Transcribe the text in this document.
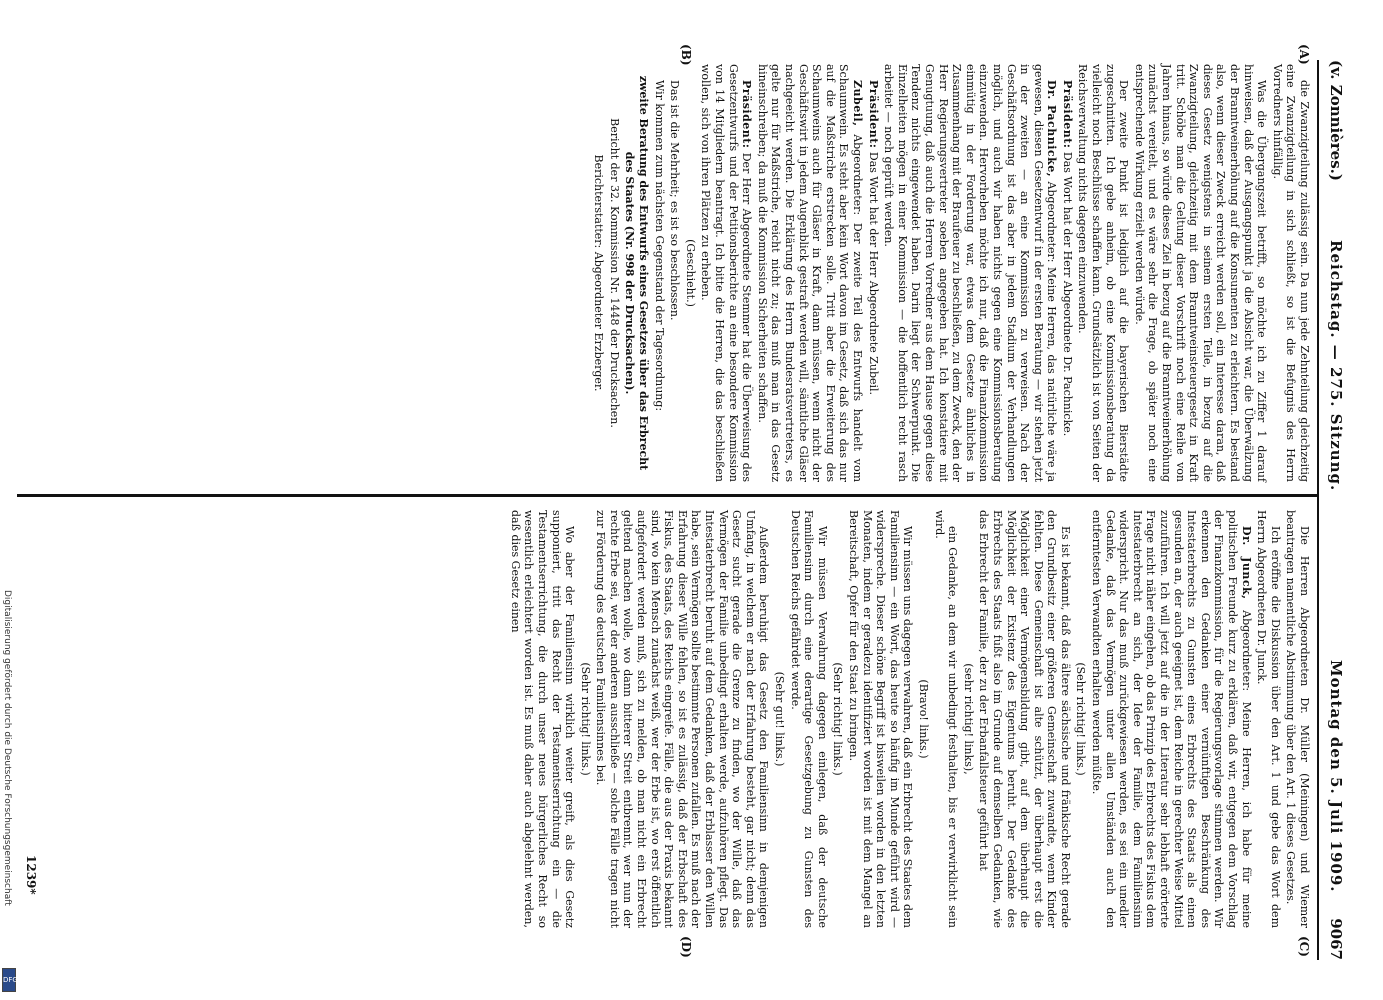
(v. Zonnières.)
Reichstag. — 275. Sitzung.
Montag den 5. Juli 1909.
9067
(A)
(B)
(C)
(D)

die Zwanzigteilung zulässig sein. Da nun jede Zehnteilung gleichzeitig eine Zwanzigteilung in sich schließt, so ist die Befugnis des Herrn Vorredners hinfällig.

Was die Übergangszeit betrifft, so möchte ich zu Ziffer 1 darauf hinweisen, daß der Ausgangspunkt ja die Absicht war, die Überwälzung der Branntweinerhöhung auf die Konsumenten zu erleichtern. Es bestand also, wenn dieser Zweck erreicht werden soll, ein Interesse daran, daß dieses Gesetz wenigstens in seinem ersten Teile, in bezug auf die Zwanzigteilung, gleichzeitig mit dem Branntweinsteuergesetz in Kraft tritt. Schöbe man die Geltung dieser Vorschrift noch eine Reihe von Jahren hinaus, so würde dieses Ziel in bezug auf die Branntweinerhöhung zunächst vereitelt, und es wäre sehr die Frage, ob später noch eine entsprechende Wirkung erzielt werden würde.

Der zweite Punkt ist lediglich auf die bayerischen Bierstädte zugeschnitten. Ich gebe anheim, ob eine Kommissionsberatung da vielleicht noch Beschlüsse schaffen kann. Grundsätzlich ist von Seiten der Reichsverwaltung nichts dagegen einzuwenden.

Präsident: Das Wort hat der Herr Abgeordnete Dr. Pachnicke.

Dr. Pachnicke, Abgeordneter: Meine Herren, das natürliche wäre ja gewesen, diesen Gesetzentwurf in der ersten Beratung — wir stehen jetzt in der zweiten — an eine Kommission zu verweisen. Nach der Geschäftsordnung ist das aber in jedem Stadium der Verhandlungen möglich, und auch wir haben nichts gegen eine Kommissionsberatung einzuwenden. Hervorheben möchte ich nur, daß die Finanzkommission einmütig in der Forderung war, etwas dem Gesetze ähnliches in Zusammenhang mit der Braufeuer zu beschließen, zu dem Zweck, den der Herr Regierungsvertreter soeben angegeben hat. Ich konstatiere mit Genugtuung, daß auch die Herren Vorredner aus dem Hause gegen diese Tendenz nichts eingewendet haben. Darin liegt der Schwerpunkt. Die Einzelheiten mögen in einer Kommission — die hoffentlich recht rasch arbeitet — noch geprüft werden.

Präsident: Das Wort hat der Herr Abgeordnete Zubeil.

Zubeil, Abgeordneter: Der zweite Teil des Entwurfs handelt vom Schaumwein. Es steht aber kein Wort davon im Gesetz, daß sich das nur auf die Maßstriche erstrecken solle. Tritt aber die Erweiterung des Schaumweins auch für Gläser in Kraft, dann müssen, wenn nicht der Geschäftswirt in jedem Augenblick gestraft werden will, sämtliche Gläser nachgeeicht werden. Die Erklärung des Herrn Bundesratsvertreters, es gelte nur für Maßstriche, reicht nicht zu; das muß man in das Gesetz hineinschreiben; da muß die Kommission Sicherheiten schaffen.

Präsident: Der Herr Abgeordnete Stemmer hat die Überweisung des Gesetzentwurfs und der Petitionsberichte an eine besondere Kommission von 14 Mitgliedern beantragt. Ich bitte die Herren, die das beschließen wollen, sich von ihren Plätzen zu erheben.

(Geschieht.)

Das ist die Mehrheit; es ist so beschlossen.

Wir kommen zum nächsten Gegenstand der Tagesordnung:

zweite Beratung des Entwurfs eines Gesetzes über das Erbrecht des Staates (Nr. 998 der Drucksachen).

Bericht der 32. Kommission Nr. 1448 der Drucksachen.

Berichterstatter: Abgeordneter Erzberger.

Die Herren Abgeordneten Dr. Müller (Meiningen) und Wiemer beantragen namentliche Abstimmung über den Art. 1 dieses Gesetzes.

Ich eröffne die Diskussion über den Art. 1 und gebe das Wort dem Herrn Abgeordneten Dr. Junck.

Dr. Junck, Abgeordneter: Meine Herren, ich habe für meine politischen Freunde kurz zu erklären, daß wir, entgegen dem Vorschlag der Finanzkommission, für die Regierungsvorlage stimmen werden. Wir erkennen den Gedanken einer vernünftigen Beschränkung des Intestaterbrechts zu Gunsten eines Erbrechts des Staats als einen gesunden an, der auch geeignet ist, dem Reiche in gerechter Weise Mittel zuzuführen. Ich will jetzt auf die in der Literatur sehr lebhaft erörterte Frage nicht näher eingehen, ob das Prinzip des Erbrechts des Fiskus dem Intestaterbrecht an sich, der Idee der Familie, dem Familiensinn widerspricht. Nur das muß zurückgewiesen werden, es sei ein unedler Gedanke, daß das Vermögen unter allen Umständen auch den entferntesten Verwandten erhalten werden müßte.

(Sehr richtig! links.)

Es ist bekannt, daß das ältere sächsische und fränkische Recht gerade den Grundbesitz einer größeren Gemeinschaft zuwandte, wenn Kinder fehlten. Diese Gemeinschaft ist alte schützt, der überhaupt erst die Möglichkeit einer Vermögensbildung gibt, auf dem überhaupt die Möglichkeit der Existenz des Eigentums beruht. Der Gedanke des Erbrechts des Staats fußt also im Grunde auf demselben Gedanken, wie das Erbrecht der Familie, der zu der Erbanfallsteuer geführt hat

(sehr richtig! links),

ein Gedanke, an dem wir unbedingt festhalten, bis er verwirklicht sein wird.

(Bravo! links.)

Wir müssen uns dagegen verwahren, daß ein Erbrecht des Staates dem Familiensinn — ein Wort, das heute so häufig im Munde geführt wird — widerspreche. Dieser schöne Begriff ist bisweilen worden in den letzten Monaten, indem er geradezu identifiziert worden ist mit dem Mangel an Bereitschaft, Opfer für den Staat zu bringen.

(Sehr richtig! links.)

Wir müssen Verwahrung dagegen einlegen, daß der deutsche Familiensinn durch eine derartige Gesetzgebung zu Gunsten des Deutschen Reichs gefährdet werde.

(Sehr gut! links.)

Außerdem beruhigt das Gesetz den Familiensinn in demjenigen Umfang, in welchem er nach der Erfahrung besteht, gar nicht; denn das Gesetz sucht gerade die Grenze zu finden, wo der Wille, daß das Vermögen der Familie unbedingt erhalten werde, aufzuhören pflegt. Das Intestaterbrecht beruht auf dem Gedanken, daß der Erblasser den Willen habe, sein Vermögen sollte bestimmte Personen zufallen. Es muß nach der Erfahrung dieser Wille fehlen, so ist es zulässig, daß der Erbschaft des Fiskus, des Staats, des Reichs eingreife. Fälle, die aus der Praxis bekannt sind, wo kein Mensch zunächst weiß, wer der Erbe ist, wo erst öffentlich aufgefordert werden muß, sich zu melden, ob man nicht ein Erbrecht geltend machen wolle, wo dann bitterer Streit entbrennt, wer nun der rechte Erbe sei, wer der anderen ausschließe — solche Fälle tragen nicht zur Förderung des deutschen Familiensinnes bei.

(Sehr richtig! links.)

Wo aber der Familiensinn wirklich weiter greift, als dies Gesetz supponiert, tritt das Recht der Testamentserrichtung ein — die Testamentserrichtung, die durch unser neues bürgerliches Recht so wesentlich erleichtert worden ist. Es muß daher auch abgelehnt werden, daß dies Gesetz einen

1239*
Digitalisierung gefördert durch die Deutsche Forschungsgemeinschaft
DFG
